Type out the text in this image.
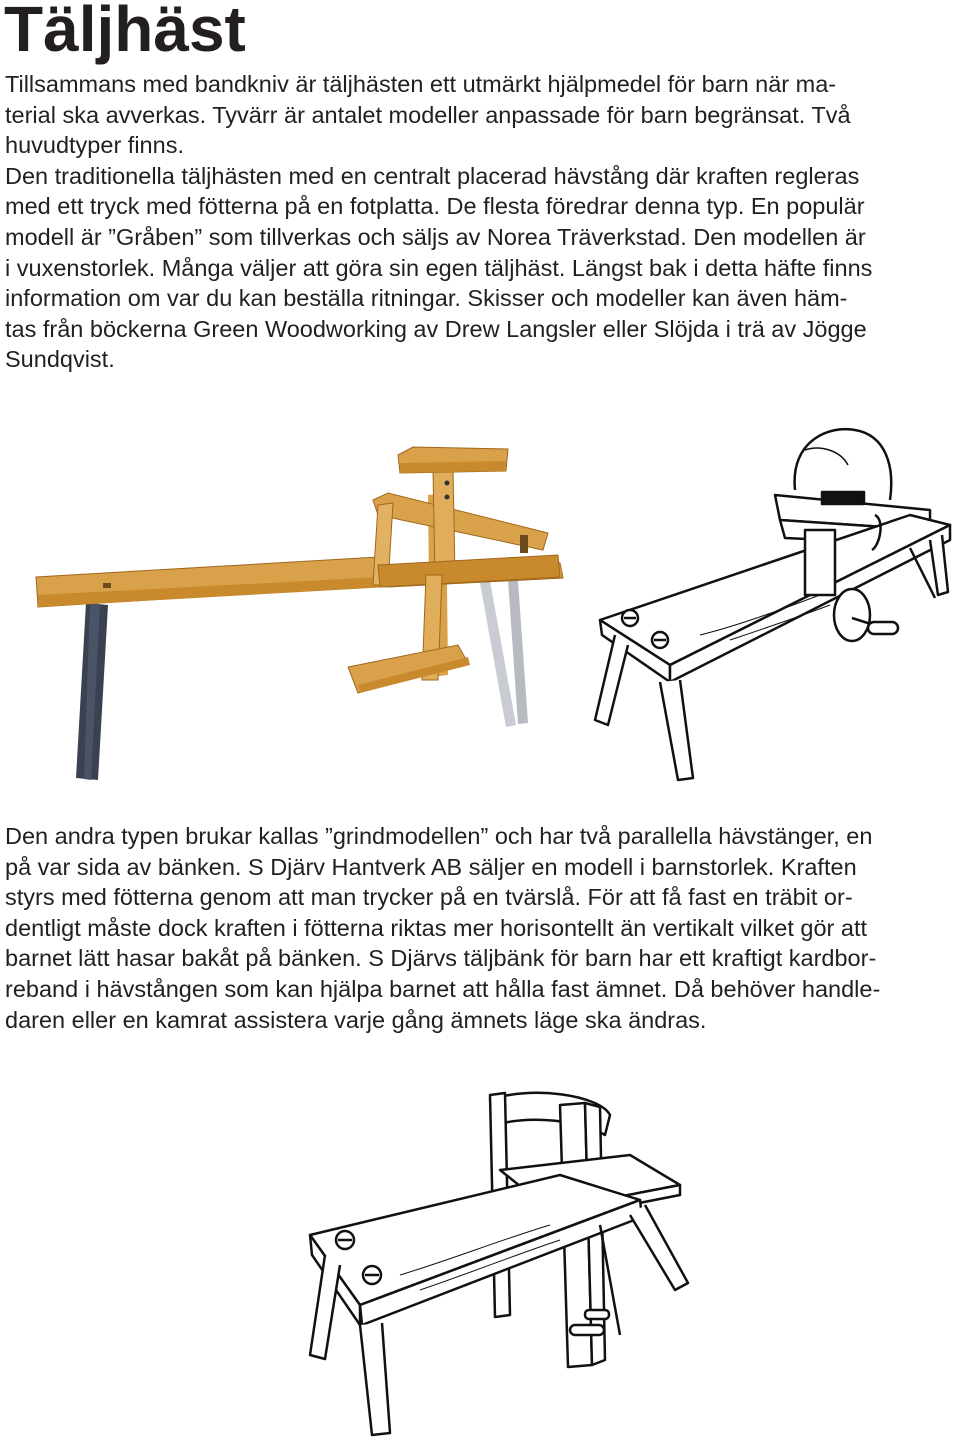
Täljhäst

Tillsammans med bandkniv är täljhästen ett utmärkt hjälpmedel för barn när ma-
terial ska avverkas. Tyvärr är antalet modeller anpassade för barn begränsat. Två
huvudtyper finns.
Den traditionella täljhästen med en centralt placerad hävstång där kraften regleras
med ett tryck med fötterna på en fotplatta. De flesta föredrar denna typ. En populär
modell är ”Gråben” som tillverkas och säljs av Norea Träverkstad. Den modellen är
i vuxenstorlek. Många väljer att göra sin egen täljhäst. Längst bak i detta häfte finns
information om var du kan beställa ritningar. Skisser och modeller kan även häm-
tas från böckerna Green Woodworking av Drew Langsler eller Slöjda i trä av Jögge
Sundqvist.

Den andra typen brukar kallas ”grindmodellen” och har två parallella hävstänger, en
på var sida av bänken. S Djärv Hantverk AB säljer en modell i barnstorlek. Kraften
styrs med fötterna genom att man trycker på en tvärslå. För att få fast en träbit or-
dentligt måste dock kraften i fötterna riktas mer horisontellt än vertikalt vilket gör att
barnet lätt hasar bakåt på bänken. S Djärvs täljbänk för barn har ett kraftigt kardbor-
reband i hävstången som kan hjälpa barnet att hålla fast ämnet. Då behöver handle-
daren eller en kamrat assistera varje gång ämnets läge ska ändras.
